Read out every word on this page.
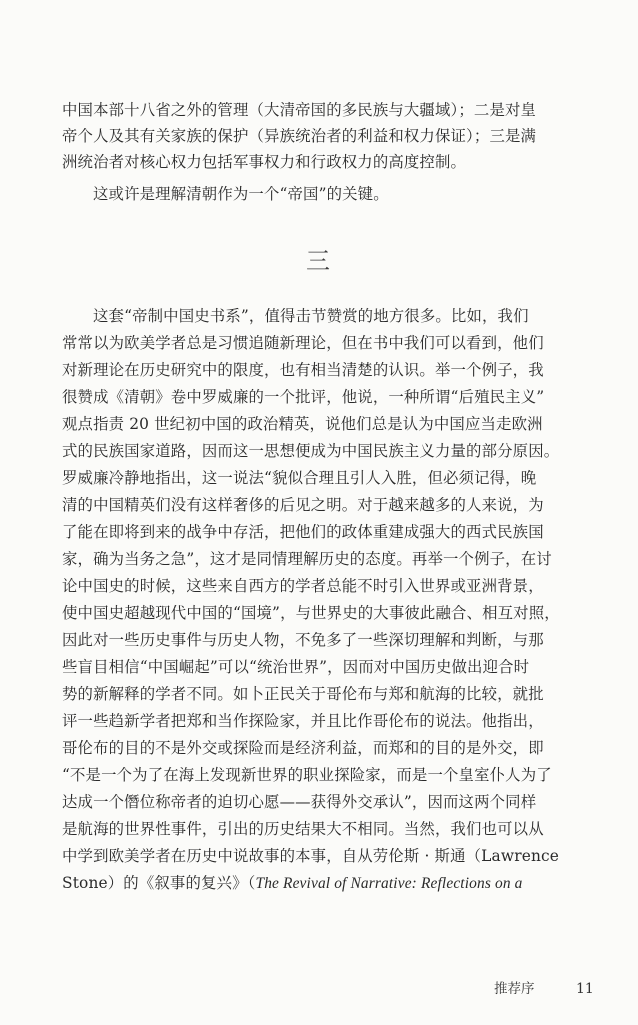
中国本部十八省之外的管理（大清帝国的多民族与大疆域）；二是对皇
帝个人及其有关家族的保护（异族统治者的利益和权力保证）；三是满
洲统治者对核心权力包括军事权力和行政权力的高度控制。
这或许是理解清朝作为一个“帝国”的关键。
三
这套“帝制中国史书系”，值得击节赞赏的地方很多。比如，我们
常常以为欧美学者总是习惯追随新理论，但在书中我们可以看到，他们
对新理论在历史研究中的限度，也有相当清楚的认识。举一个例子，我
很赞成《清朝》卷中罗威廉的一个批评，他说，一种所谓“后殖民主义”
观点指责 20 世纪初中国的政治精英，说他们总是认为中国应当走欧洲
式的民族国家道路，因而这一思想便成为中国民族主义力量的部分原因。
罗威廉冷静地指出，这一说法“貌似合理且引人入胜，但必须记得，晚
清的中国精英们没有这样奢侈的后见之明。对于越来越多的人来说，为
了能在即将到来的战争中存活，把他们的政体重建成强大的西式民族国
家，确为当务之急”，这才是同情理解历史的态度。再举一个例子，在讨
论中国史的时候，这些来自西方的学者总能不时引入世界或亚洲背景，
使中国史超越现代中国的“国境”，与世界史的大事彼此融合、相互对照，
因此对一些历史事件与历史人物，不免多了一些深切理解和判断，与那
些盲目相信“中国崛起”可以“统治世界”，因而对中国历史做出迎合时
势的新解释的学者不同。如卜正民关于哥伦布与郑和航海的比较，就批
评一些趋新学者把郑和当作探险家，并且比作哥伦布的说法。他指出，
哥伦布的目的不是外交或探险而是经济利益，而郑和的目的是外交，即
“不是一个为了在海上发现新世界的职业探险家，而是一个皇室仆人为了
达成一个僭位称帝者的迫切心愿——获得外交承认”，因而这两个同样
是航海的世界性事件，引出的历史结果大不相同。当然，我们也可以从
中学到欧美学者在历史中说故事的本事，自从劳伦斯 · 斯通（Lawrence
Stone）的《叙事的复兴》（The Revival of Narrative: Reflections on a
推荐序	11
